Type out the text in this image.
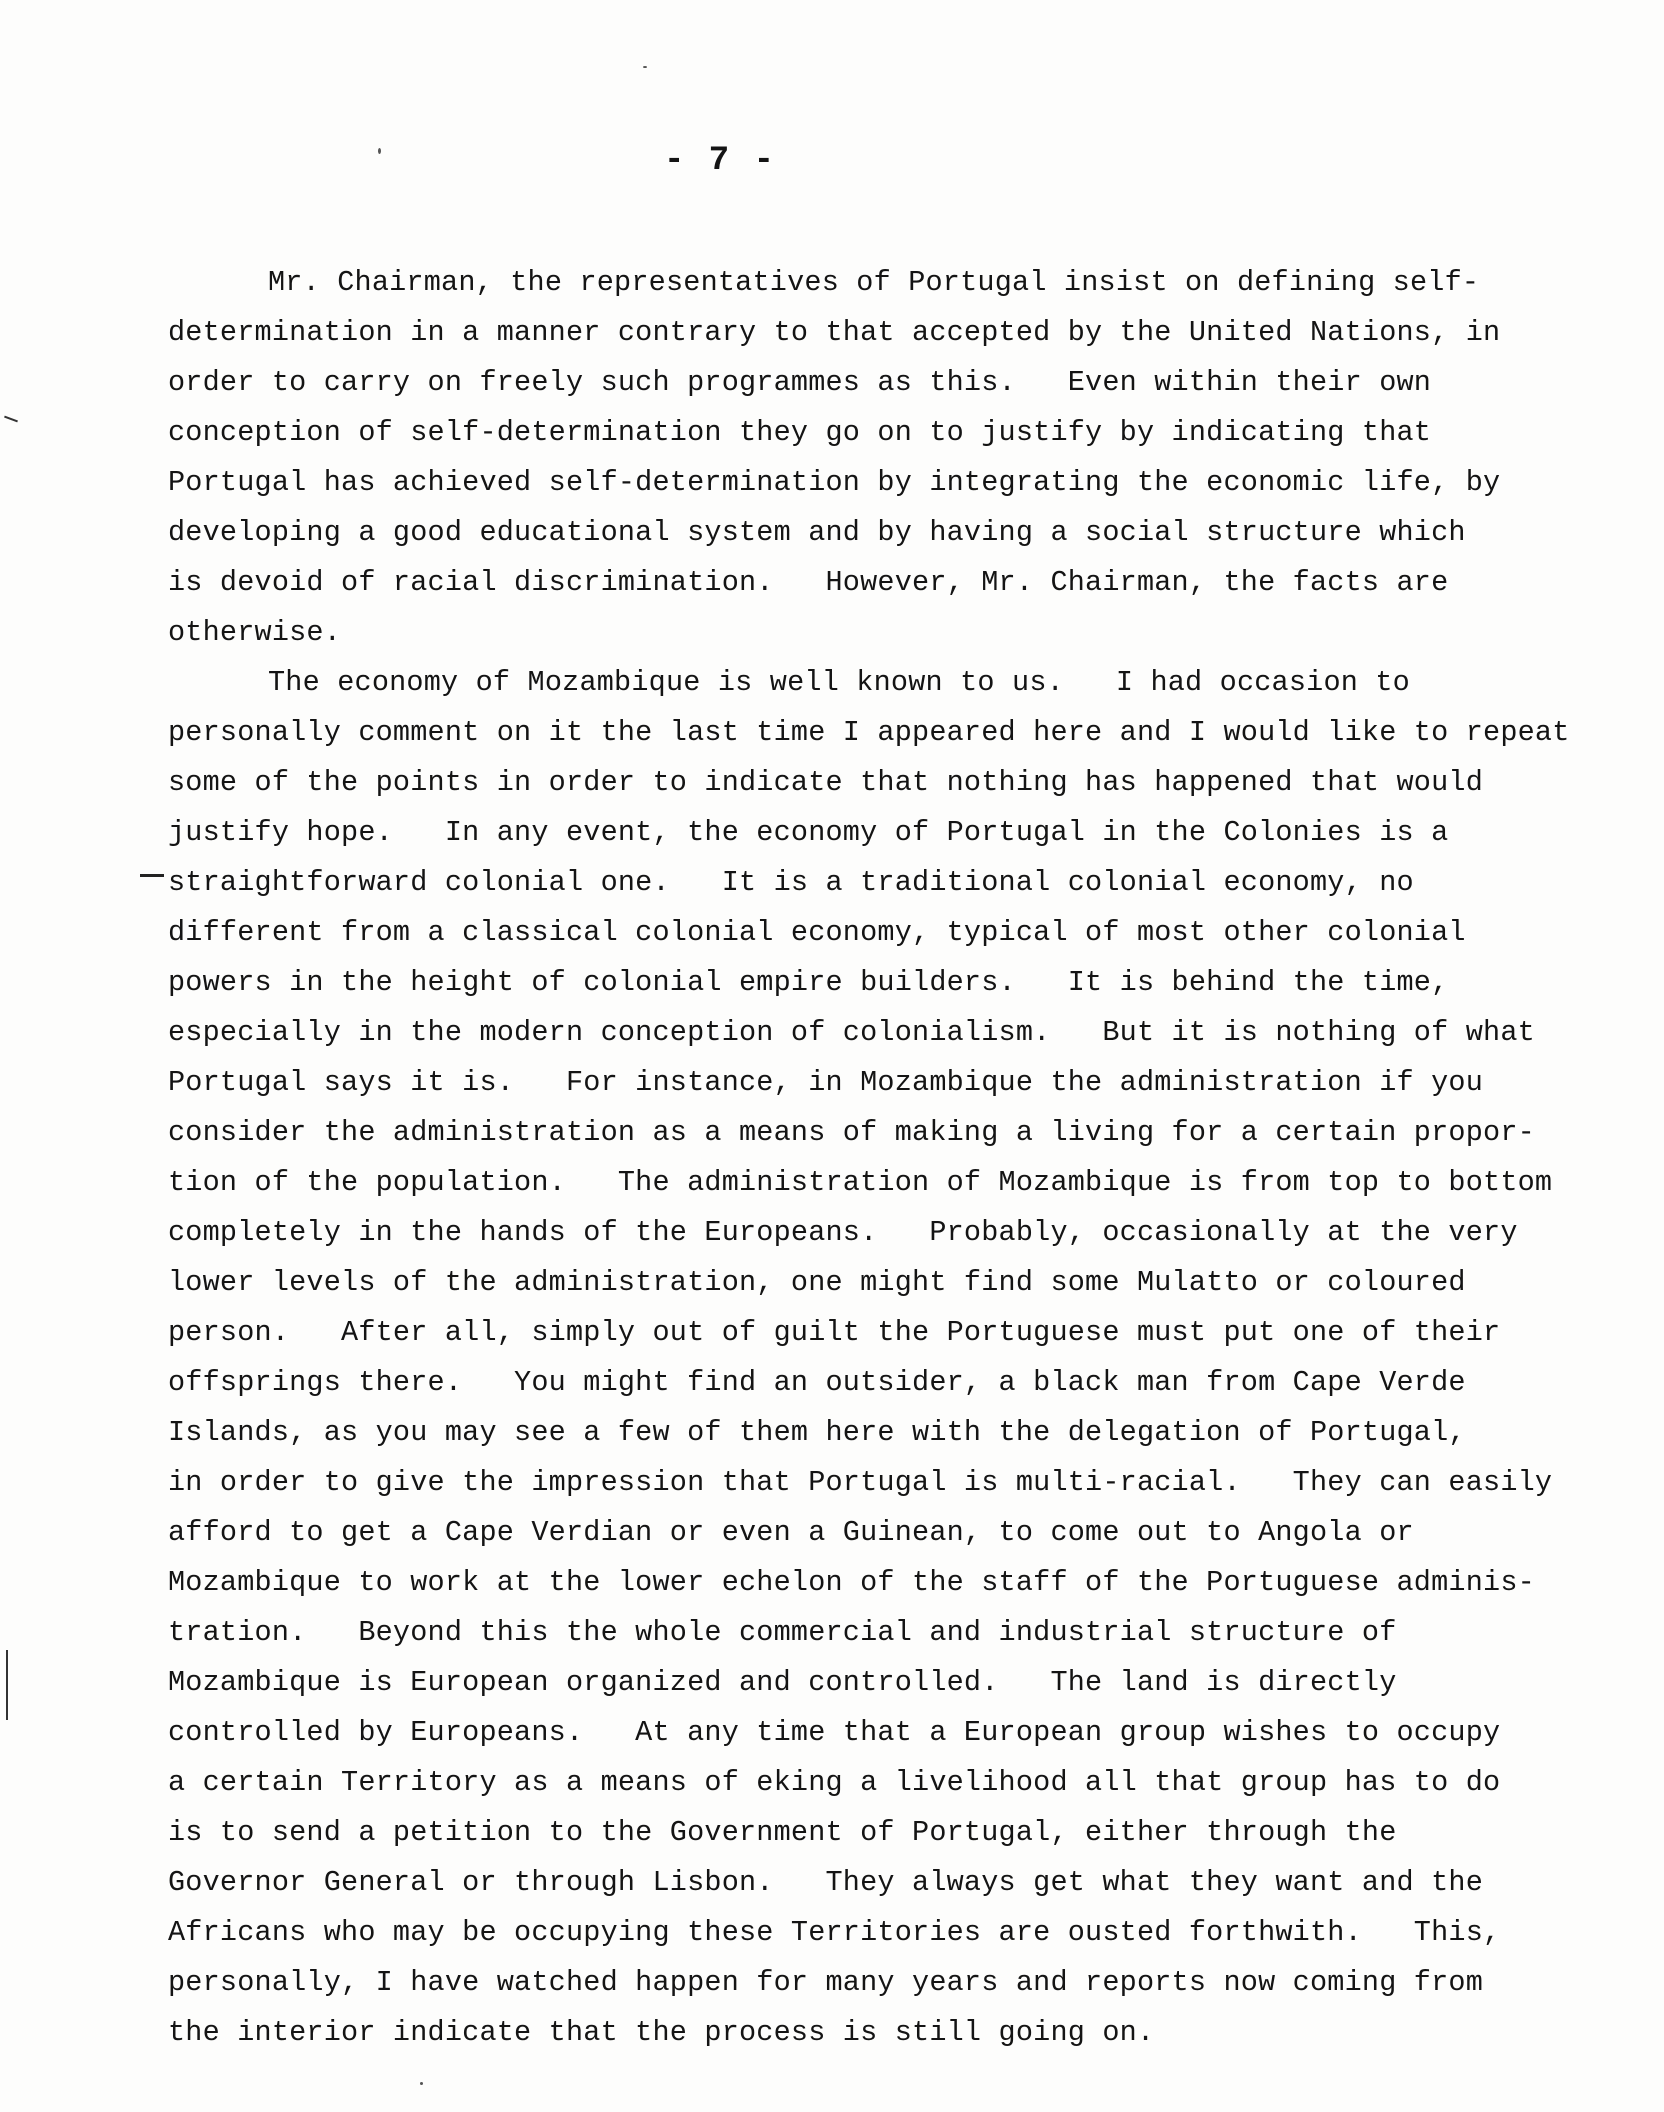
- 7 -
Mr. Chairman, the representatives of Portugal insist on defining self-
determination in a manner contrary to that accepted by the United Nations, in
order to carry on freely such programmes as this.   Even within their own
conception of self-determination they go on to justify by indicating that
Portugal has achieved self-determination by integrating the economic life, by
developing a good educational system and by having a social structure which
is devoid of racial discrimination.   However, Mr. Chairman, the facts are
otherwise.
The economy of Mozambique is well known to us.   I had occasion to
personally comment on it the last time I appeared here and I would like to repeat
some of the points in order to indicate that nothing has happened that would
justify hope.   In any event, the economy of Portugal in the Colonies is a
straightforward colonial one.   It is a traditional colonial economy, no
different from a classical colonial economy, typical of most other colonial
powers in the height of colonial empire builders.   It is behind the time,
especially in the modern conception of colonialism.   But it is nothing of what
Portugal says it is.   For instance, in Mozambique the administration if you
consider the administration as a means of making a living for a certain propor-
tion of the population.   The administration of Mozambique is from top to bottom
completely in the hands of the Europeans.   Probably, occasionally at the very
lower levels of the administration, one might find some Mulatto or coloured
person.   After all, simply out of guilt the Portuguese must put one of their
offsprings there.   You might find an outsider, a black man from Cape Verde
Islands, as you may see a few of them here with the delegation of Portugal,
in order to give the impression that Portugal is multi-racial.   They can easily
afford to get a Cape Verdian or even a Guinean, to come out to Angola or
Mozambique to work at the lower echelon of the staff of the Portuguese adminis-
tration.   Beyond this the whole commercial and industrial structure of
Mozambique is European organized and controlled.   The land is directly
controlled by Europeans.   At any time that a European group wishes to occupy
a certain Territory as a means of eking a livelihood all that group has to do
is to send a petition to the Government of Portugal, either through the
Governor General or through Lisbon.   They always get what they want and the
Africans who may be occupying these Territories are ousted forthwith.   This,
personally, I have watched happen for many years and reports now coming from
the interior indicate that the process is still going on.
